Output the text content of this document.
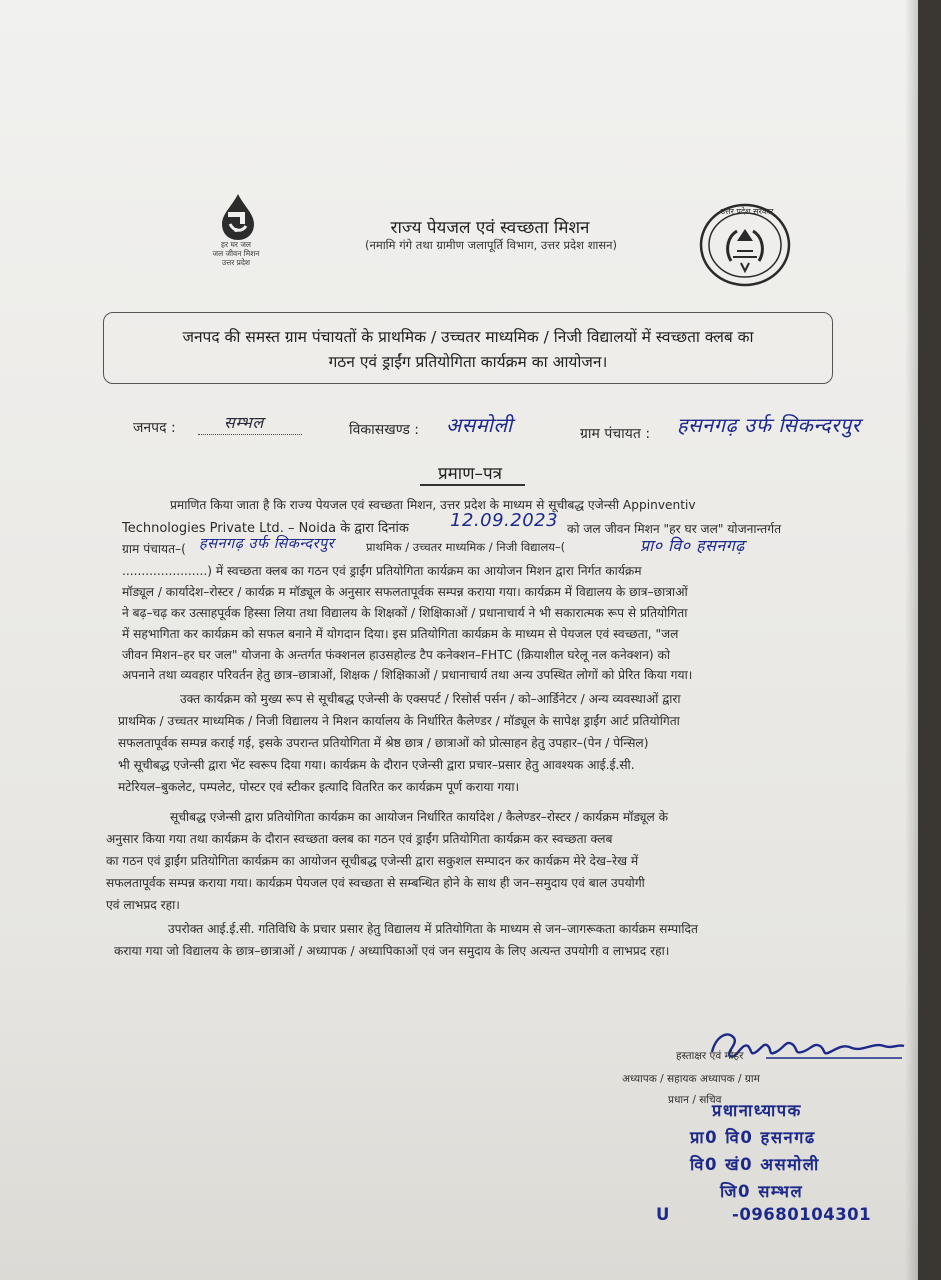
हर घर जल
जल जीवन मिशन
उत्तर प्रदेश
राज्य पेयजल एवं स्वच्छता मिशन
(नमामि गंगे तथा ग्रामीण जलापूर्ति विभाग, उत्तर प्रदेश शासन)
उत्तर प्रदेश सरकार
जनपद की समस्त ग्राम पंचायतों के प्राथमिक / उच्चतर माध्यमिक / निजी विद्यालयों में स्वच्छता क्लब का
गठन एवं ड्राईंग प्रतियोगिता कार्यक्रम का आयोजन।
जनपद :	सम्भल	विकासखण्ड : असमोली	ग्राम पंचायत : हसनगढ़ उर्फ सिकन्दरपुर
प्रमाण–पत्र
प्रमाणित किया जाता है कि राज्य पेयजल एवं स्वच्छता मिशन, उत्तर प्रदेश के माध्यम से सूचीबद्ध एजेन्सी Appinventiv
Technologies Private Ltd. – Noida के द्वारा दिनांक 12.09.2023 को जल जीवन मिशन "हर घर जल" योजनान्तर्गत
ग्राम पंचायत–( हसनगढ़ उर्फ सिकन्दरपुर	प्राथमिक / उच्चतर माध्यमिक / निजी विद्यालय–(	प्रा० वि० हसनगढ़
......................) में स्वच्छता क्लब का गठन एवं ड्राईंग प्रतियोगिता कार्यक्रम का आयोजन मिशन द्वारा निर्गत कार्यक्रम
मॉड्यूल / कार्यादेश–रोस्टर / कार्यक्र म मॉड्यूल के अनुसार सफलतापूर्वक सम्पन्न कराया गया। कार्यक्रम में विद्यालय के छात्र–छात्राओं
ने बढ़–चढ़ कर उत्साहपूर्वक हिस्सा लिया तथा विद्यालय के शिक्षकों / शिक्षिकाओं / प्रधानाचार्य ने भी सकारात्मक रूप से प्रतियोगिता
में सहभागिता कर कार्यक्रम को सफल बनाने में योगदान दिया। इस प्रतियोगिता कार्यक्रम के माध्यम से पेयजल एवं स्वच्छता, "जल
जीवन मिशन–हर घर जल" योजना के अन्तर्गत फंक्शनल हाउसहोल्ड टैप कनेक्शन–FHTC (क्रियाशील घरेलू नल कनेक्शन) को
अपनाने तथा व्यवहार परिवर्तन हेतु छात्र–छात्राओं, शिक्षक / शिक्षिकाओं / प्रधानाचार्य तथा अन्य उपस्थित लोगों को प्रेरित किया गया।
उक्त कार्यक्रम को मुख्य रूप से सूचीबद्ध एजेन्सी के एक्सपर्ट / रिसोर्स पर्सन / को–आर्डिनेटर / अन्य व्यवस्थाओं द्वारा
प्राथमिक / उच्चतर माध्यमिक / निजी विद्यालय ने मिशन कार्यालय के निर्धारित कैलेण्डर / मॉड्यूल के सापेक्ष ड्राईंग आर्ट प्रतियोगिता
सफलतापूर्वक सम्पन्न कराई गई, इसके उपरान्त प्रतियोगिता में श्रेष्ठ छात्र / छात्राओं को प्रोत्साहन हेतु उपहार–(पेन / पेन्सिल)
भी सूचीबद्ध एजेन्सी द्वारा भेंट स्वरूप दिया गया। कार्यक्रम के दौरान एजेन्सी द्वारा प्रचार–प्रसार हेतु आवश्यक आई.ई.सी.
मटेरियल–बुकलेट, पम्पलेट, पोस्टर एवं स्टीकर इत्यादि वितरित कर कार्यक्रम पूर्ण कराया गया।
सूचीबद्ध एजेन्सी द्वारा प्रतियोगिता कार्यक्रम का आयोजन निर्धारित कार्यादेश / कैलेण्डर–रोस्टर / कार्यक्रम मॉड्यूल के
अनुसार किया गया तथा कार्यक्रम के दौरान स्वच्छता क्लब का गठन एवं ड्राईंग प्रतियोगिता कार्यक्रम कर स्वच्छता क्लब
का गठन एवं ड्राईंग प्रतियोगिता कार्यक्रम का आयोजन सूचीबद्ध एजेन्सी द्वारा सकुशल सम्पादन कर कार्यक्रम मेरे देख–रेख में
सफलतापूर्वक सम्पन्न कराया गया। कार्यक्रम पेयजल एवं स्वच्छता से सम्बन्धित होने के साथ ही जन–समुदाय एवं बाल उपयोगी
एवं लाभप्रद रहा।
उपरोक्त आई.ई.सी. गतिविधि के प्रचार प्रसार हेतु विद्यालय में प्रतियोगिता के माध्यम से जन–जागरूकता कार्यक्रम सम्पादित
कराया गया जो विद्यालय के छात्र–छात्राओं / अध्यापक / अध्यापिकाओं एवं जन समुदाय के लिए अत्यन्त उपयोगी व लाभप्रद रहा।
हस्ताक्षर एवं मोहर
अध्यापक / सहायक अध्यापक / ग्राम
प्रधान / सचिव
प्रधानाध्यापक
प्रा0 वि0 हसनगढ
वि0 खं0 असमोली
जि0 सम्भल
U	-09680104301
